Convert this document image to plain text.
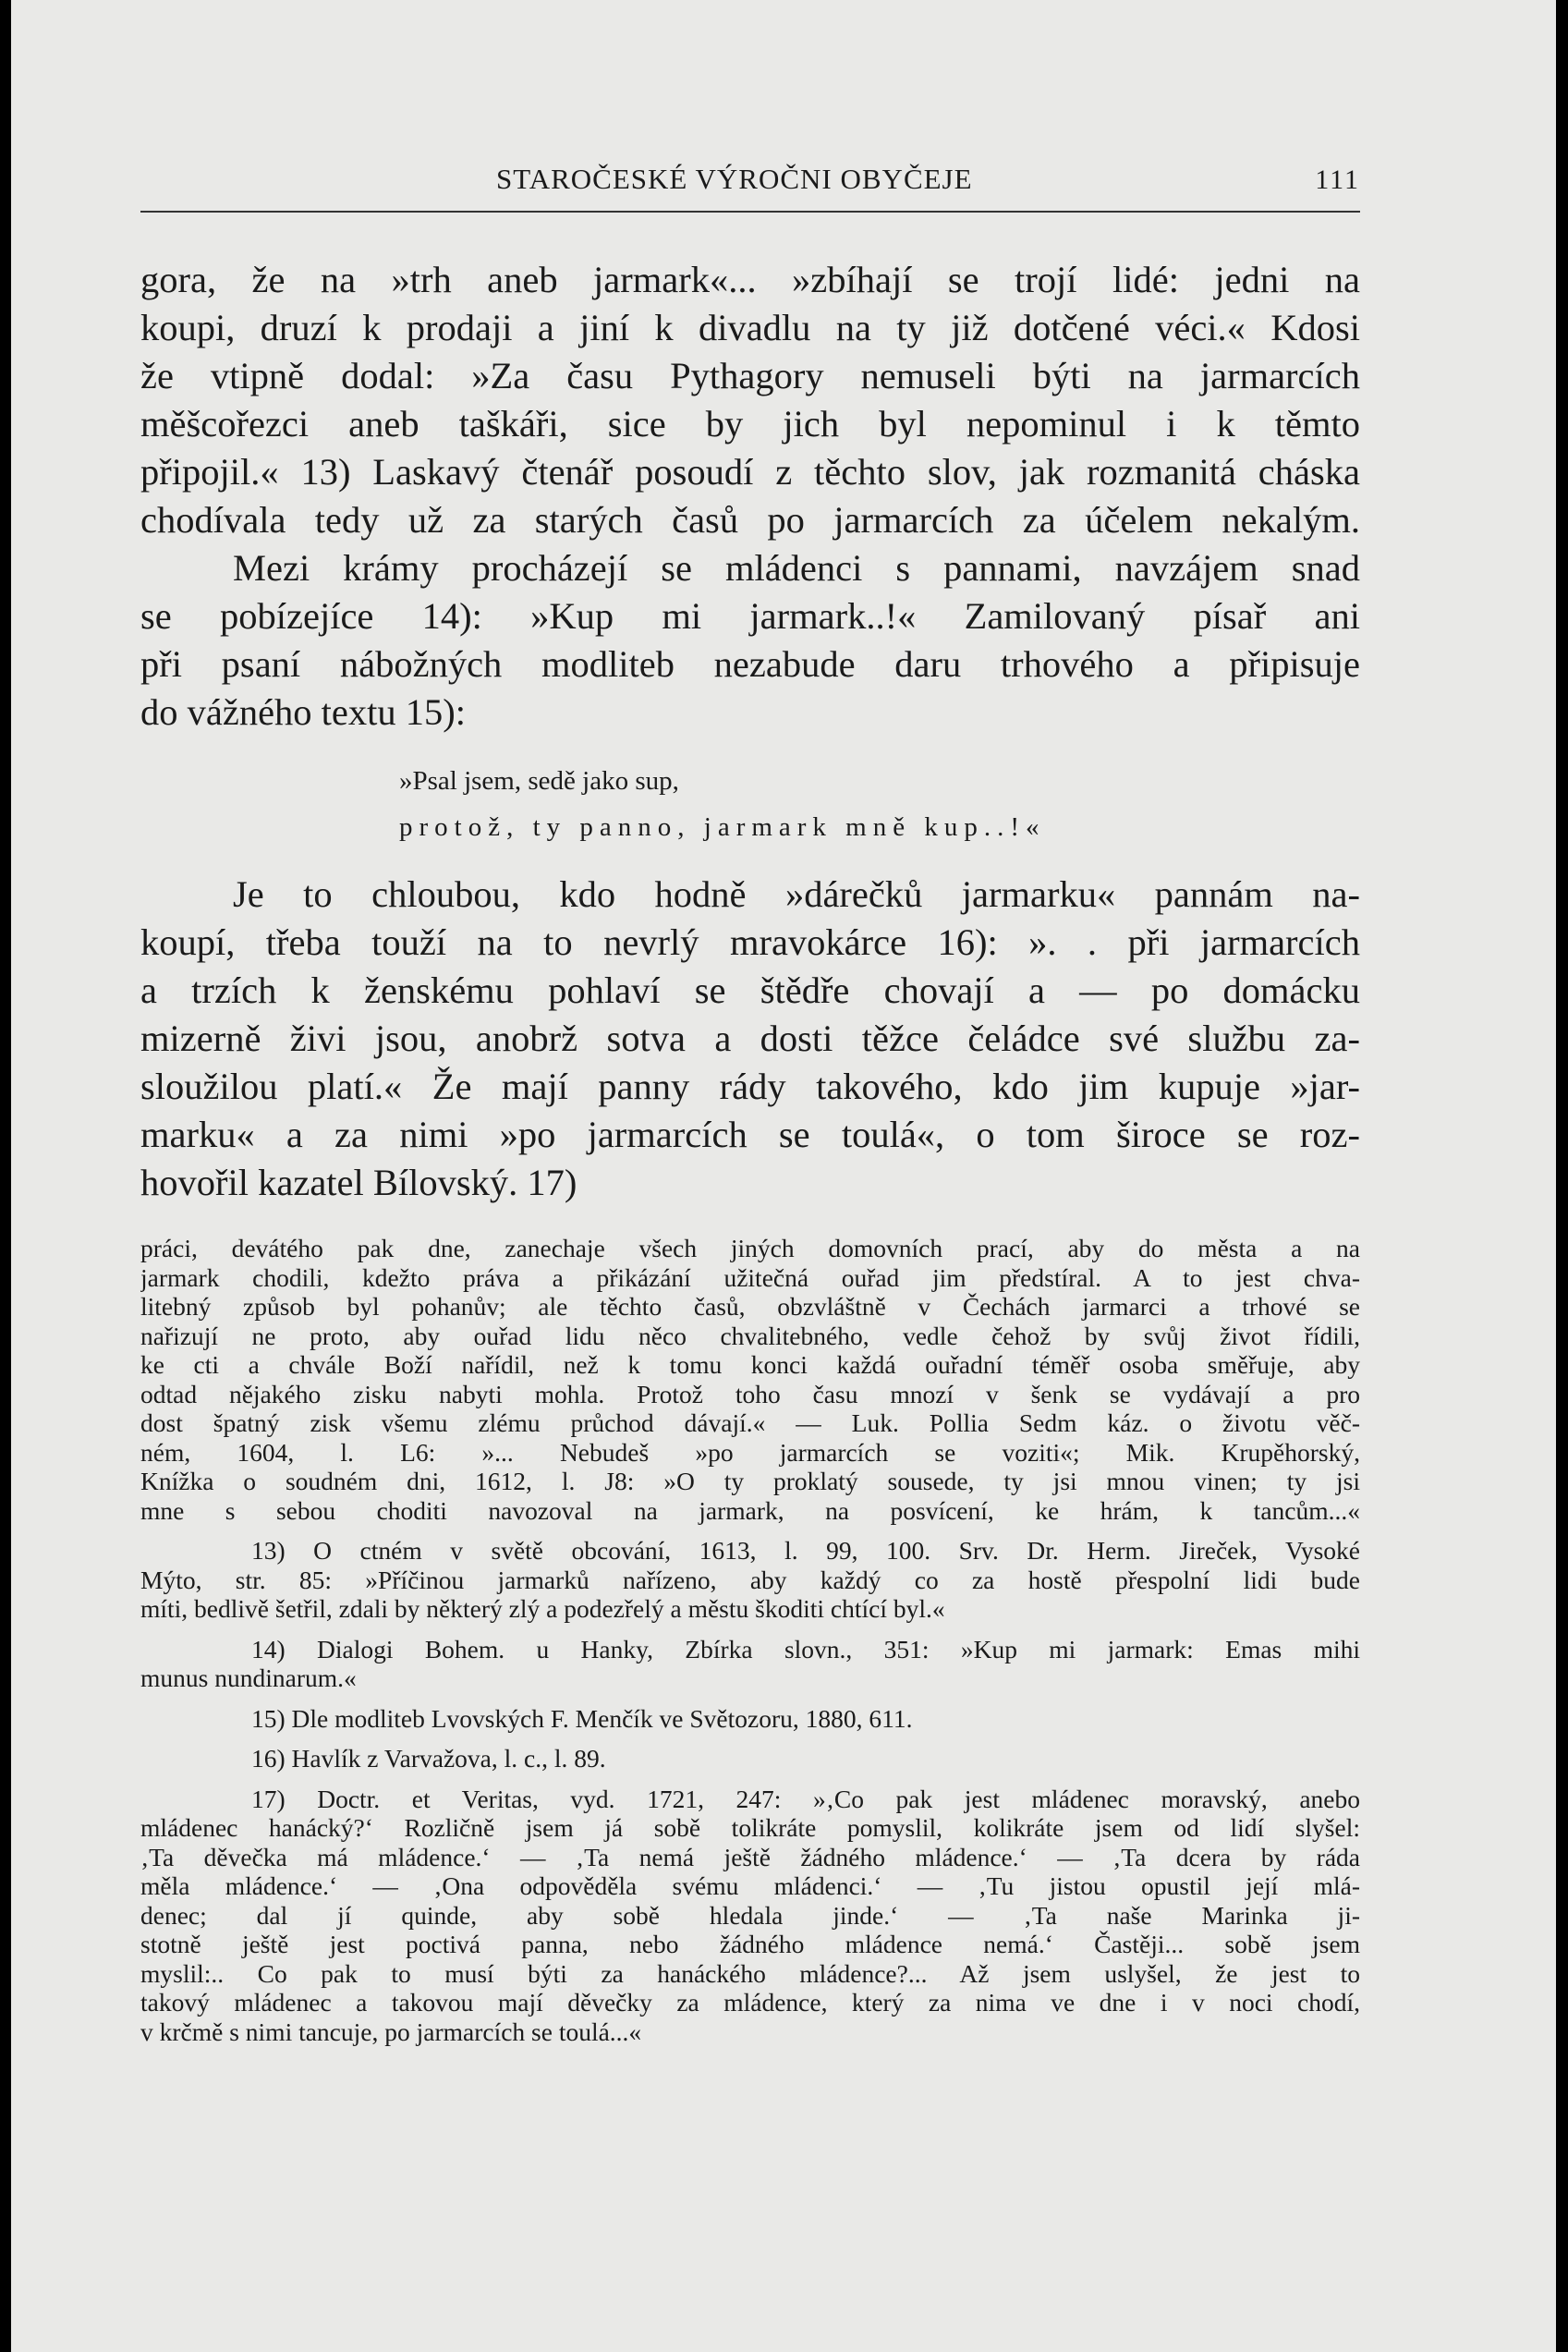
STAROČESKÉ VÝROČNI OBYČEJE	111
gora, že na »trh aneb jarmark«... »zbíhají se trojí lidé: jedni na
koupi, druzí k prodaji a jiní k divadlu na ty již dotčené véci.« Kdosi
že vtipně dodal: »Za času Pythagory nemuseli býti na jarmarcích
měšcořezci aneb taškáři, sice by jich byl nepominul i k těmto
připojil.« 13) Laskavý čtenář posoudí z těchto slov, jak rozmanitá cháska
chodívala tedy už za starých časů po jarmarcích za účelem nekalým.
Mezi krámy procházejí se mládenci s pannami, navzájem snad
se pobízejíce 14): »Kup mi jarmark..!« Zamilovaný písař ani
při psaní nábožných modliteb nezabude daru trhového a připisuje
do vážného textu 15):
»Psal jsem, sedě jako sup,
protož, ty panno, jarmark mně kup..!«
Je to chloubou, kdo hodně »dárečků jarmarku« pannám na-
koupí, třeba touží na to nevrlý mravokárce 16): ». . při jarmarcích
a trzích k ženskému pohlaví se štědře chovají a — po domácku
mizerně živi jsou, anobrž sotva a dosti těžce čeládce své službu za-
sloužilou platí.« Že mají panny rády takového, kdo jim kupuje »jar-
marku« a za nimi »po jarmarcích se toulá«, o tom široce se roz-
hovořil kazatel Bílovský. 17)
práci, devátého pak dne, zanechaje všech jiných domovních prací, aby do města a na
jarmark chodili, kdežto práva a přikázání užitečná ouřad jim předstíral. A to jest chva-
litebný způsob byl pohanův; ale těchto časů, obzvláštně v Čechách jarmarci a trhové se
nařizují ne proto, aby ouřad lidu něco chvalitebného, vedle čehož by svůj život řídili,
ke cti a chvále Boží nařídil, než k tomu konci každá ouřadní téměř osoba směřuje, aby
odtad nějakého zisku nabyti mohla. Protož toho času mnozí v šenk se vydávají a pro
dost špatný zisk všemu zlému průchod dávají.« — Luk. Pollia Sedm káz. o životu věč-
ném, 1604, l. L6: »... Nebudeš »po jarmarcích se voziti«; Mik. Krupěhorský,
Knížka o soudném dni, 1612, l. J8: »O ty proklatý sousede, ty jsi mnou vinen; ty jsi
mne s sebou choditi navozoval na jarmark, na posvícení, ke hrám, k tancům...«
13) O ctném v světě obcování, 1613, l. 99, 100. Srv. Dr. Herm. Jireček, Vysoké
Mýto, str. 85: »Příčinou jarmarků nařízeno, aby každý co za hostě přespolní lidi bude
míti, bedlivě šetřil, zdali by některý zlý a podezřelý a městu škoditi chtící byl.«
14) Dialogi Bohem. u Hanky, Zbírka slovn., 351: »Kup mi jarmark: Emas mihi
munus nundinarum.«
15) Dle modliteb Lvovských F. Menčík ve Světozoru, 1880, 611.
16) Havlík z Varvažova, l. c., l. 89.
17) Doctr. et Veritas, vyd. 1721, 247: »‚Co pak jest mládenec moravský, anebo
mládenec hanácký?‘ Rozličně jsem já sobě tolikráte pomyslil, kolikráte jsem od lidí slyšel:
‚Ta děvečka má mládence.‘ — ‚Ta nemá ještě žádného mládence.‘ — ‚Ta dcera by ráda
měla mládence.‘ — ‚Ona odpověděla svému mládenci.‘ — ‚Tu jistou opustil její mlá-
denec; dal jí quinde, aby sobě hledala jinde.‘ — ‚Ta naše Marinka ji-
stotně ještě jest poctivá panna, nebo žádného mládence nemá.‘ Častěji... sobě jsem
myslil:.. Co pak to musí býti za hanáckého mládence?... Až jsem uslyšel, že jest to
takový mládenec a takovou mají děvečky za mládence, který za nima ve dne i v noci chodí,
v krčmě s nimi tancuje, po jarmarcích se toulá...«
